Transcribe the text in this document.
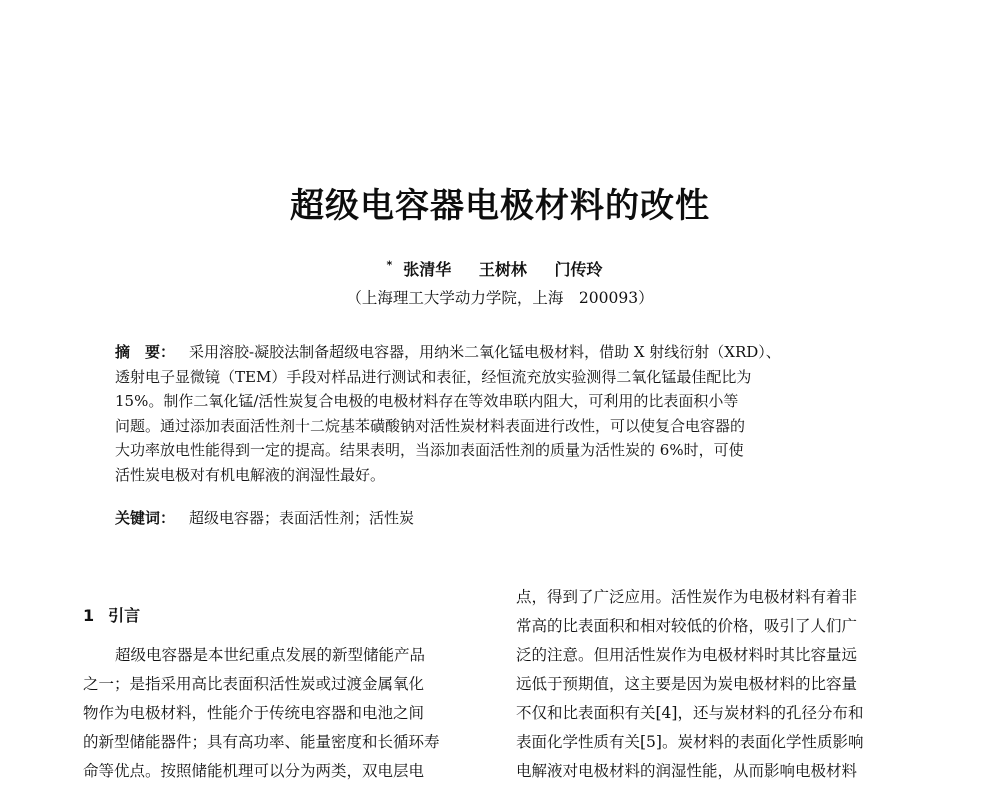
超级电容器电极材料的改性
* 张清华 王树林 门传玲
（上海理工大学动力学院，上海　200093）
摘　要： 采用溶胶-凝胶法制备超级电容器，用纳米二氧化锰电极材料，借助 X 射线衍射（XRD）、
透射电子显微镜（TEM）手段对样品进行测试和表征，经恒流充放实验测得二氧化锰最佳配比为
15%。制作二氧化锰/活性炭复合电极的电极材料存在等效串联内阻大，可利用的比表面积小等
问题。通过添加表面活性剂十二烷基苯磺酸钠对活性炭材料表面进行改性，可以使复合电容器的
大功率放电性能得到一定的提高。结果表明，当添加表面活性剂的质量为活性炭的 6%时，可使
活性炭电极对有机电解液的润湿性最好。
关键词： 超级电容器；表面活性剂；活性炭
1 引言
超级电容器是本世纪重点发展的新型储能产品
之一；是指采用高比表面积活性炭或过渡金属氧化
物作为电极材料，性能介于传统电容器和电池之间
的新型储能器件；具有高功率、能量密度和长循环寿
命等优点。按照储能机理可以分为两类，双电层电
点，得到了广泛应用。活性炭作为电极材料有着非
常高的比表面积和相对较低的价格，吸引了人们广
泛的注意。但用活性炭作为电极材料时其比容量远
远低于预期值，这主要是因为炭电极材料的比容量
不仅和比表面积有关[4]，还与炭材料的孔径分布和
表面化学性质有关[5]。炭材料的表面化学性质影响
电解液对电极材料的润湿性能，从而影响电极材料
